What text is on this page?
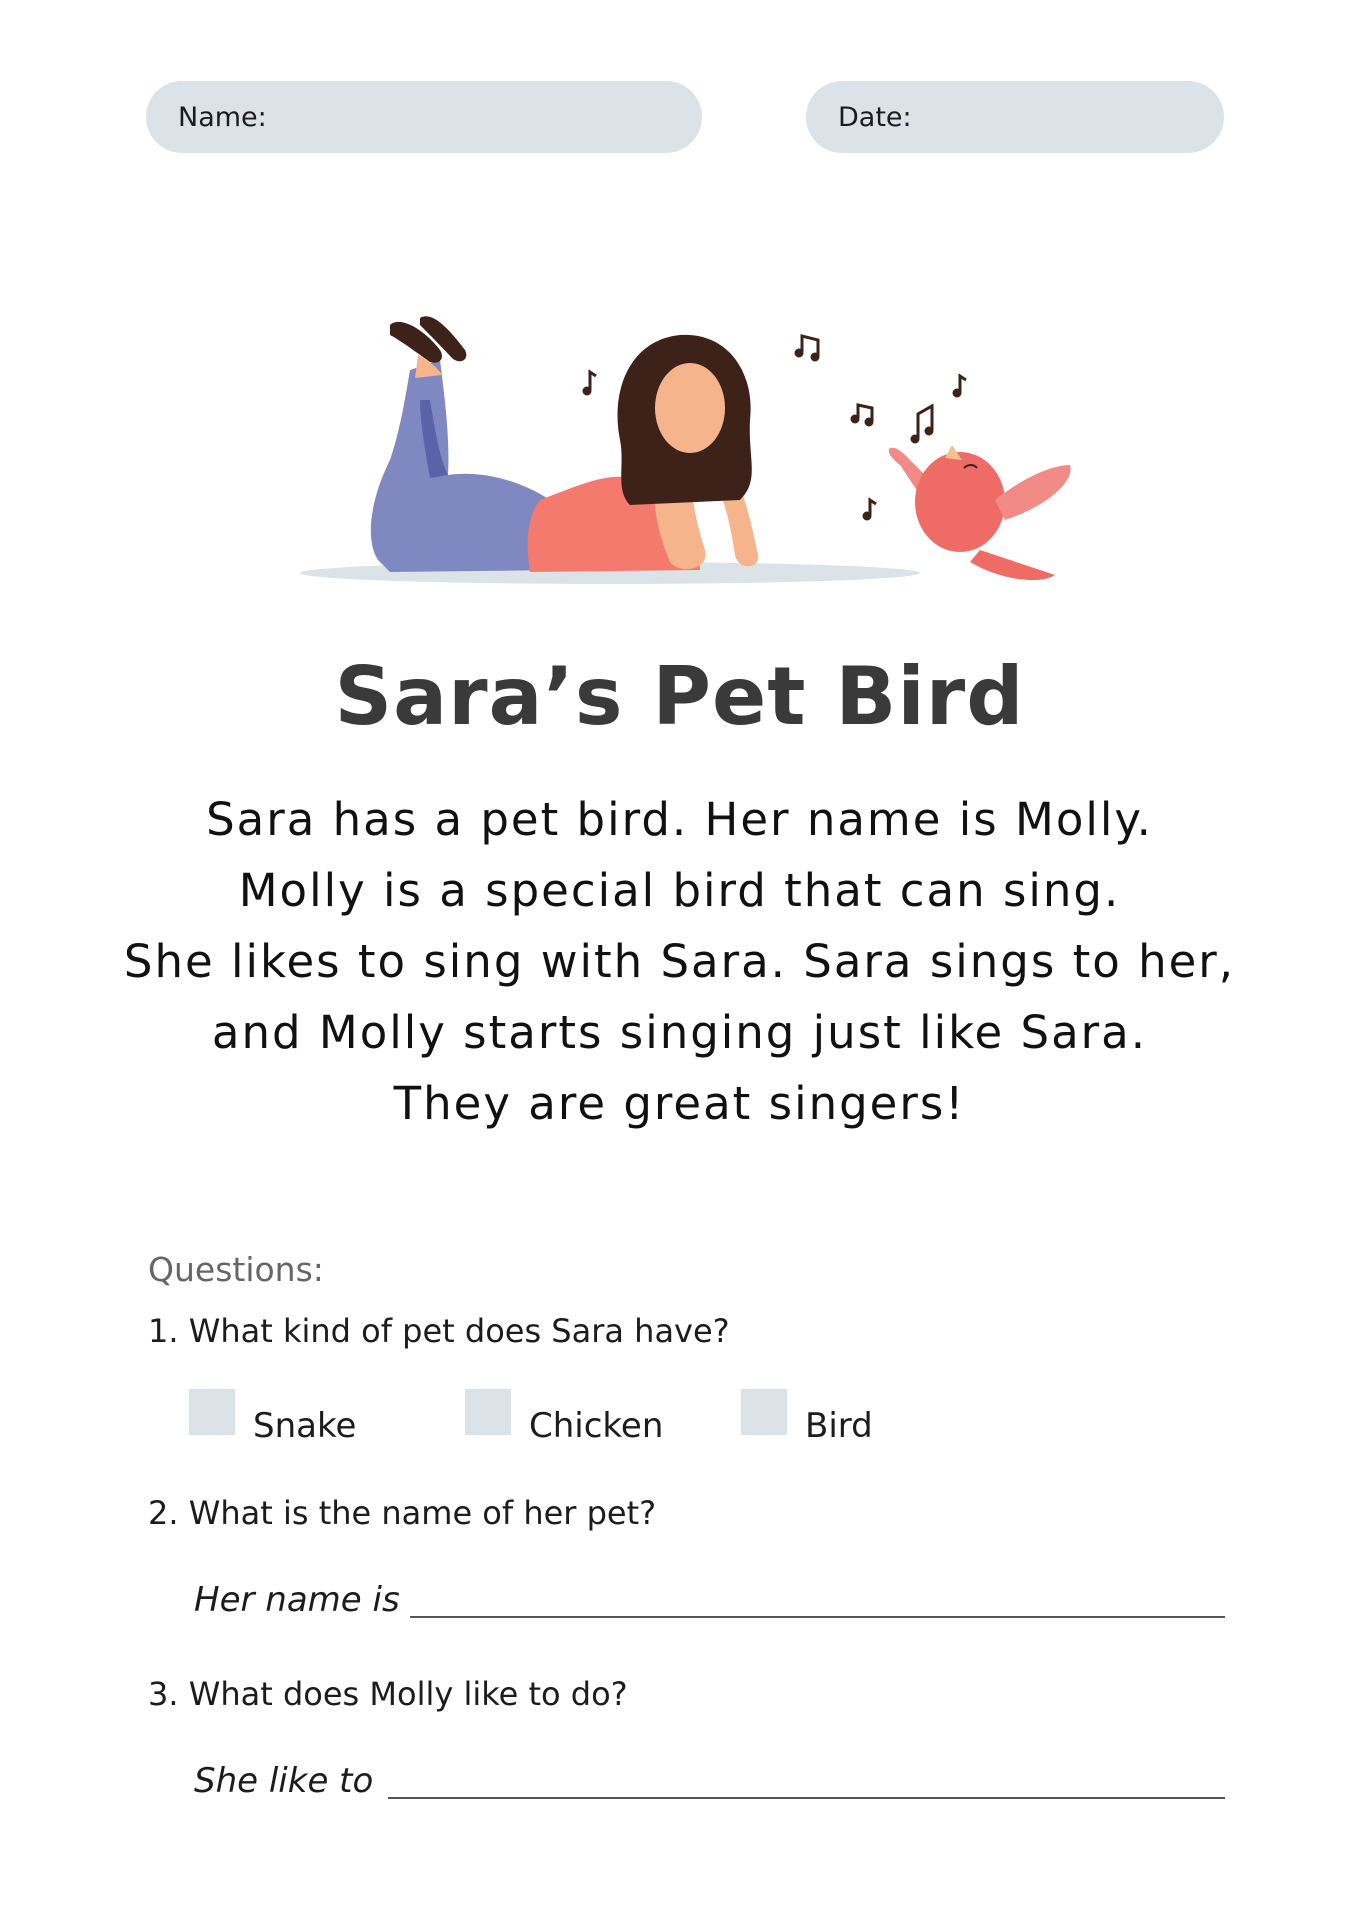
Name:	Date:
Sara’s Pet Bird
Sara has a pet bird. Her name is Molly.
Molly is a special bird that can sing.
She likes to sing with Sara. Sara sings to her,
and Molly starts singing just like Sara.
They are great singers!
Questions:
1. What kind of pet does Sara have?
Snake	Chicken	Bird
2. What is the name of her pet?
Her name is
3. What does Molly like to do?
She like to
